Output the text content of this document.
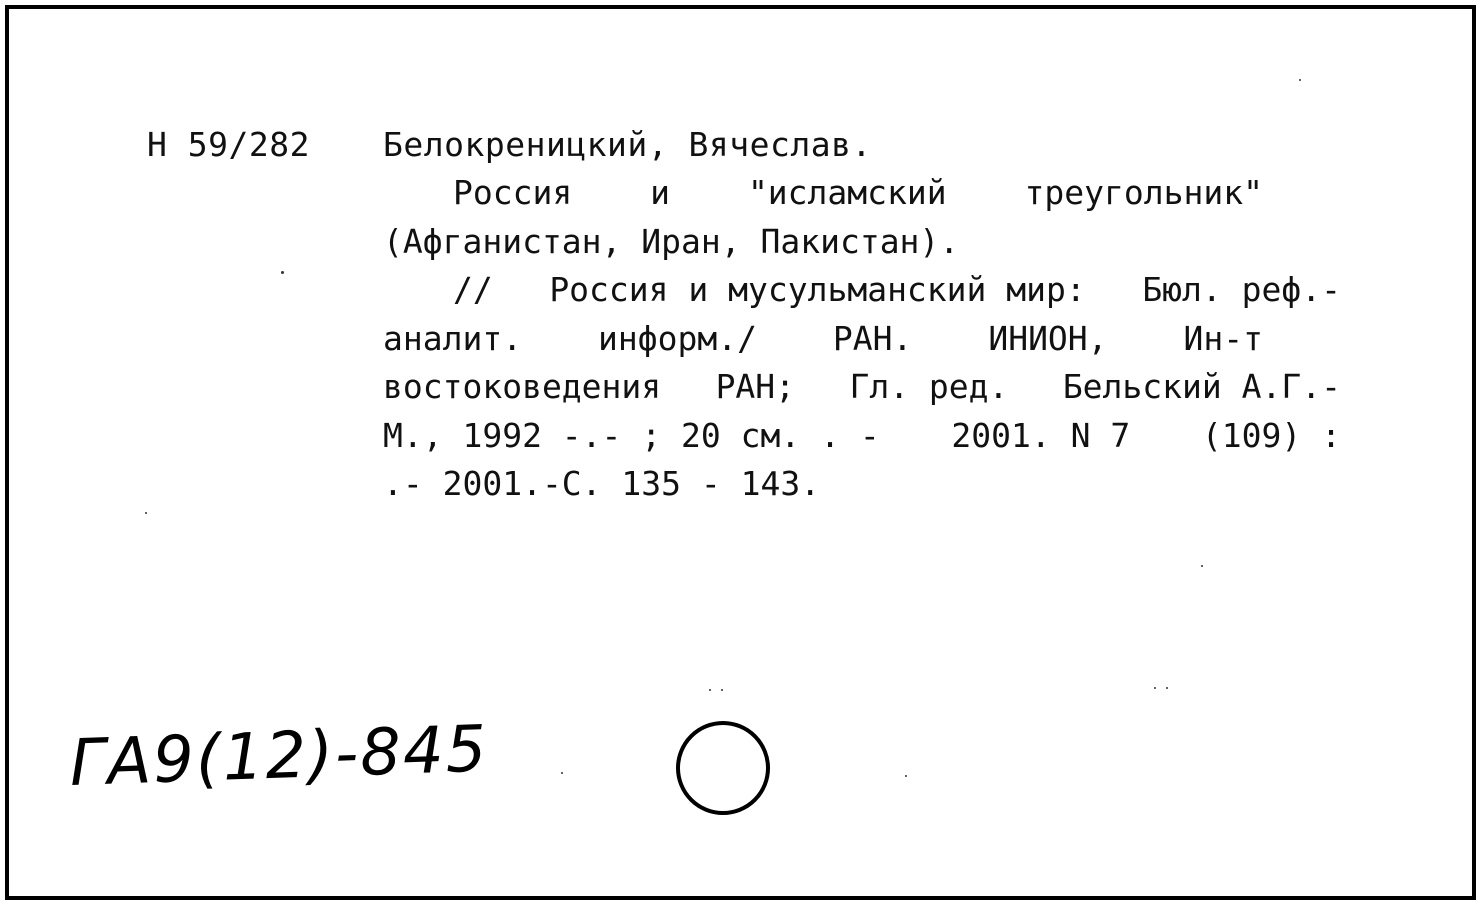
Н 59/282 Белокреницкий, Вячеслав.
Россия и "исламский треугольник"
(Афганистан, Иран, Пакистан).
// Россия и мусульманский мир: Бюл. реф.-
аналит. информ./ РАН. ИНИОН, Ин-т
востоковедения РАН; Гл. ред. Бельский А.Г.-
М., 1992 -.- ; 20 см. . - 2001. N 7 (109) :
.- 2001.-С. 135 - 143.
ГА9(12)-845
